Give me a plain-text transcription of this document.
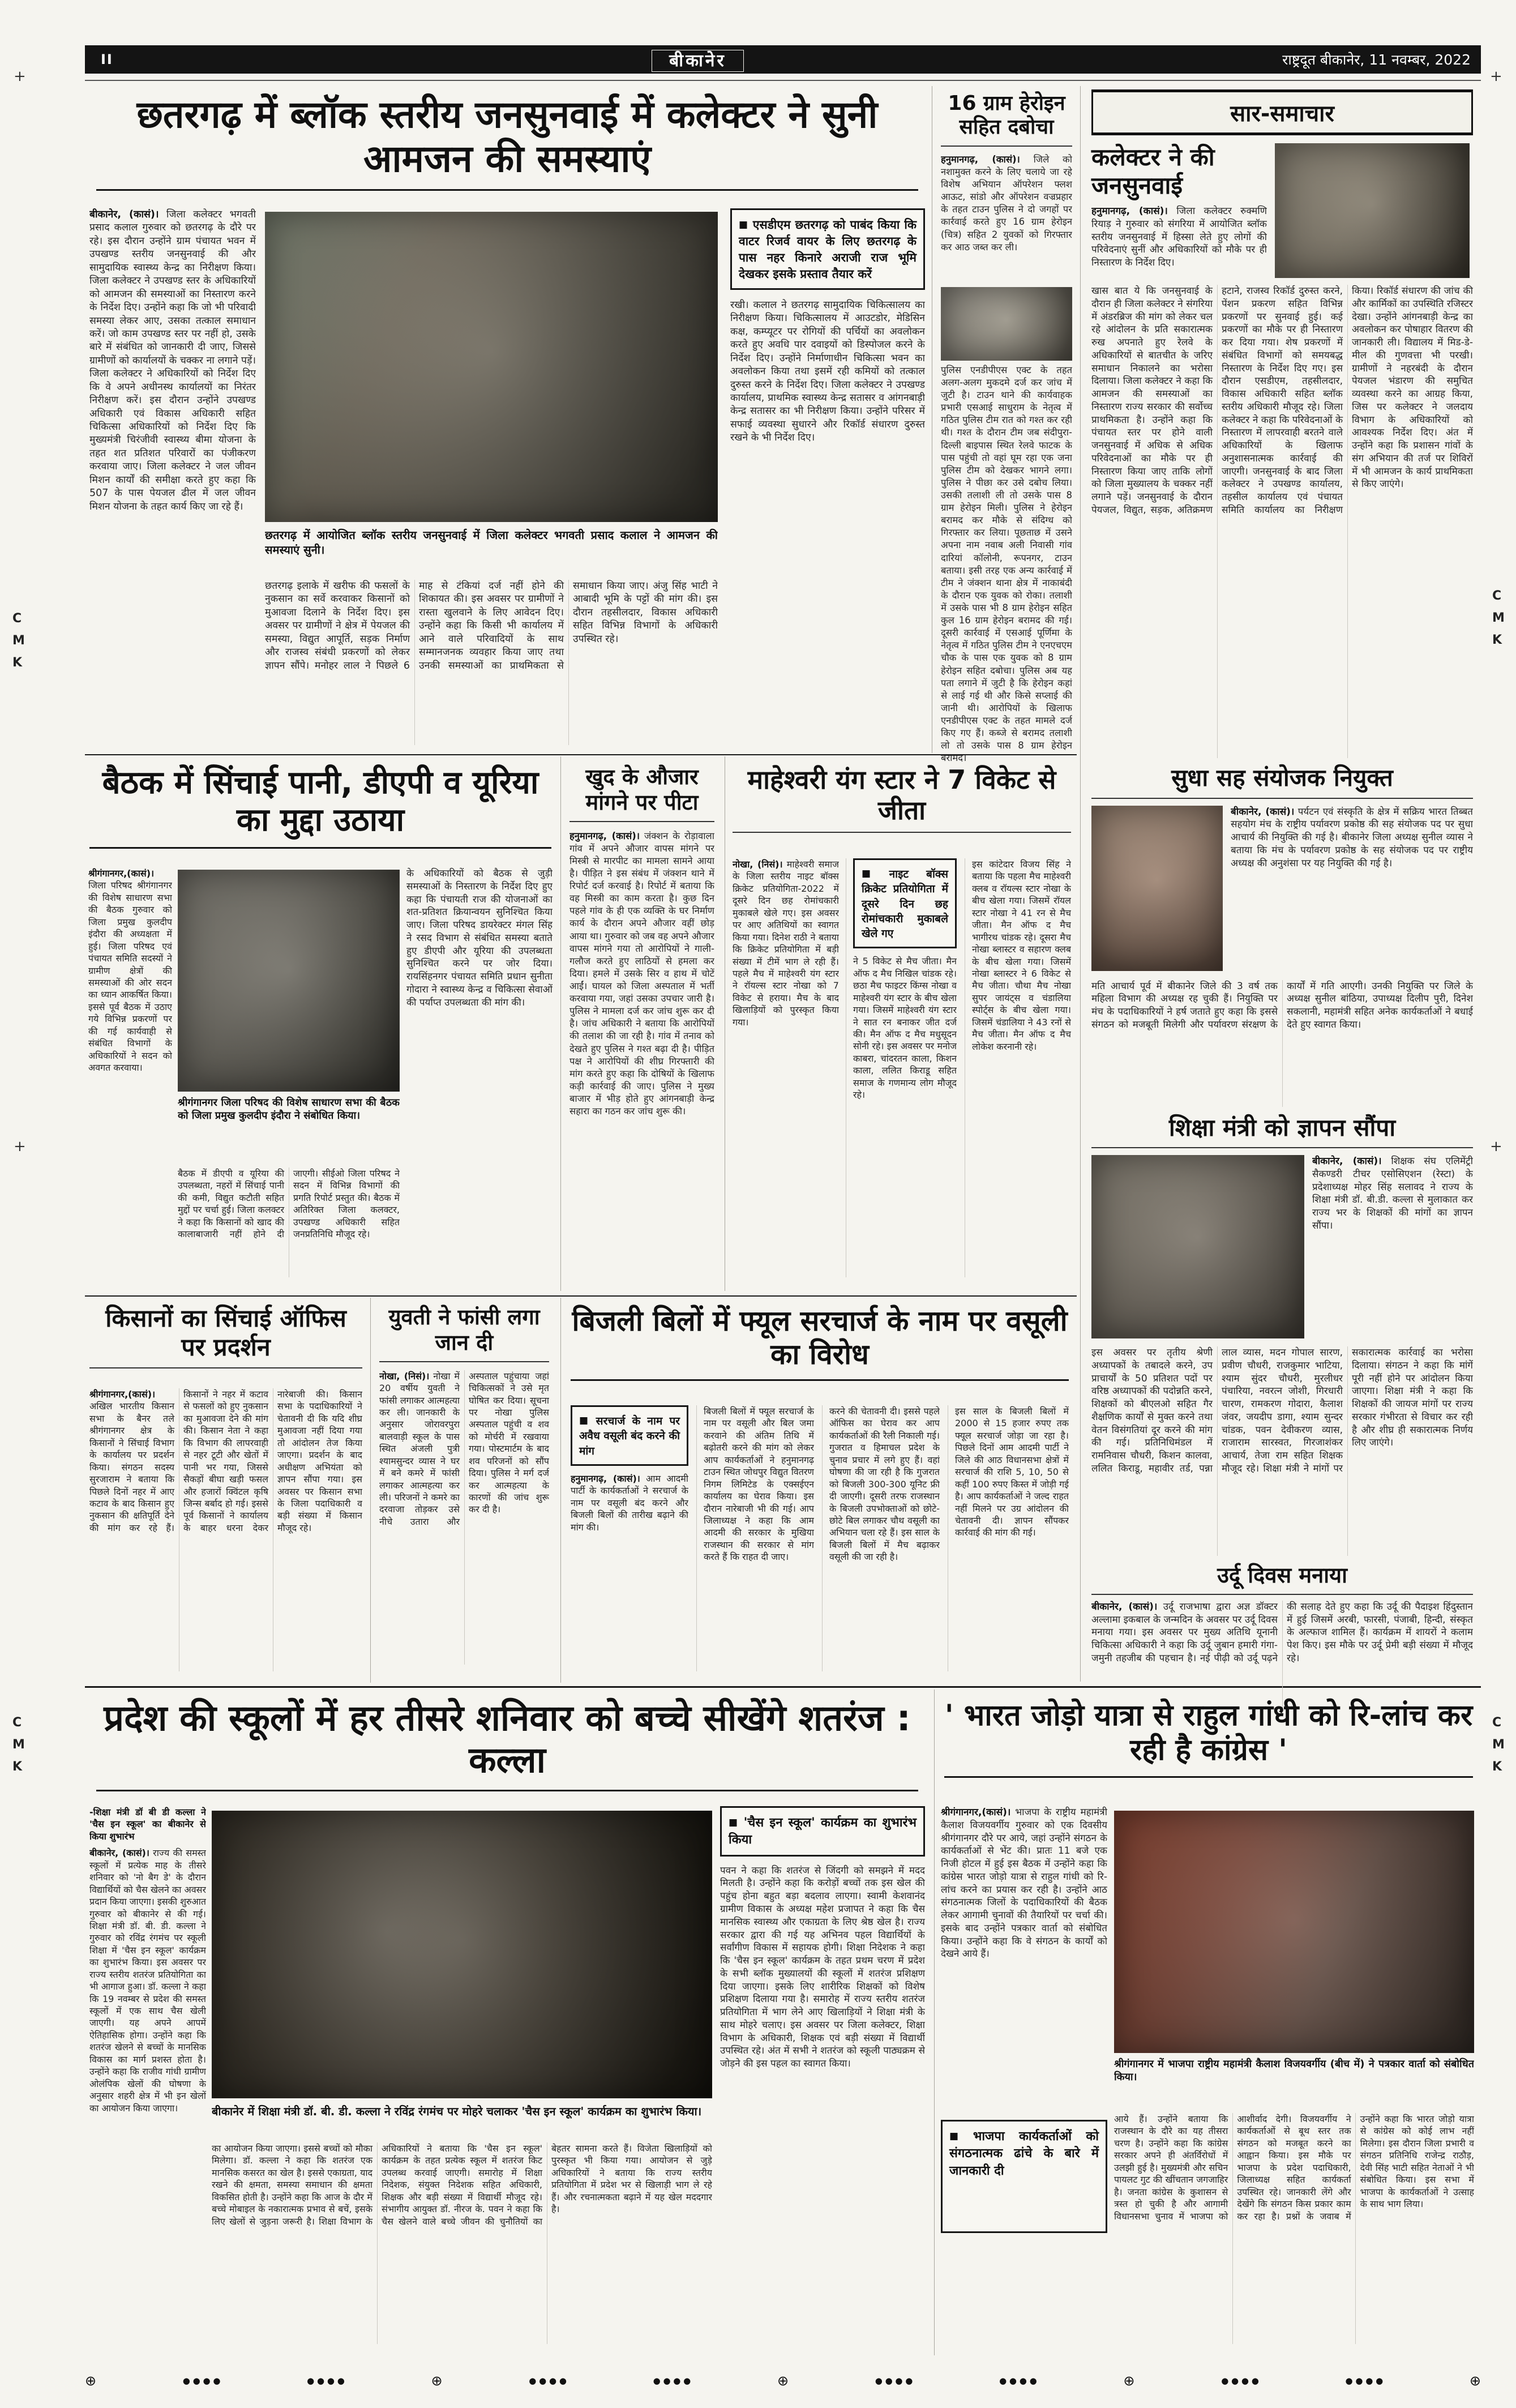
+	+
+	+
C
M
K
C
M
K
C
M
K
C
M
K
II	बीकानेर	राष्ट्रदूत बीकानेर, 11 नवम्बर, 2022
छतरगढ़ में ब्लॉक स्तरीय जनसुनवाई में कलेक्टर ने सुनी आमजन की समस्याएं
बीकानेर, (कासं)। जिला कलेक्टर भगवती प्रसाद कलाल गुरुवार को छतरगढ़ के दौरे पर रहे। इस दौरान उन्होंने ग्राम पंचायत भवन में उपखण्ड स्तरीय जनसुनवाई की और सामुदायिक स्वास्थ्य केन्द्र का निरीक्षण किया। जिला कलेक्टर ने उपखण्ड स्तर के अधिकारियों को आमजन की समस्याओं का निस्तारण करने के निर्देश दिए। उन्होंने कहा कि जो भी परिवादी समस्या लेकर आए, उसका तत्काल समाधान करें। जो काम उपखण्ड स्तर पर नहीं हो, उसके बारे में संबंधित को जानकारी दी जाए, जिससे ग्रामीणों को कार्यालयों के चक्कर ना लगाने पड़ें। जिला कलेक्टर ने अधिकारियों को निर्देश दिए कि वे अपने अधीनस्थ कार्यालयों का निरंतर निरीक्षण करें। इस दौरान उन्होंने उपखण्ड अधिकारी एवं विकास अधिकारी सहित चिकित्सा अधिकारियों को निर्देश दिए कि मुख्यमंत्री चिरंजीवी स्वास्थ्य बीमा योजना के तहत शत प्रतिशत परिवारों का पंजीकरण करवाया जाए। जिला कलेक्टर ने जल जीवन मिशन कार्यों की समीक्षा करते हुए कहा कि 507 के पास पेयजल ढील में जल जीवन मिशन योजना के तहत कार्य किए जा रहे हैं।
छतरगढ़ में आयोजित ब्लॉक स्तरीय जनसुनवाई में जिला कलेक्टर भगवती प्रसाद कलाल ने आमजन की समस्याएं सुनी।
छतरगढ़ इलाके में खरीफ की फसलों के नुकसान का सर्वे करवाकर किसानों को मुआवजा दिलाने के निर्देश दिए। इस अवसर पर ग्रामीणों ने क्षेत्र में पेयजल की समस्या, विद्युत आपूर्ति, सड़क निर्माण और राजस्व संबंधी प्रकरणों को लेकर ज्ञापन सौंपे। मनोहर लाल ने पिछले 6 माह से टंकियां दर्ज नहीं होने की शिकायत की। इस अवसर पर ग्रामीणों ने रास्ता खुलवाने के लिए आवेदन दिए। उन्होंने कहा कि किसी भी कार्यालय में आने वाले परिवादियों के साथ सम्मानजनक व्यवहार किया जाए तथा उनकी समस्याओं का प्राथमिकता से समाधान किया जाए। अंजु सिंह भाटी ने आबादी भूमि के पट्टों की मांग की। इस दौरान तहसीलदार, विकास अधिकारी सहित विभिन्न विभागों के अधिकारी उपस्थित रहे।
■ एसडीएम छतरगढ़ को पाबंद किया कि वाटर रिजर्व वायर के लिए छतरगढ़ के पास नहर किनारे अराजी राज भूमि देखकर इसके प्रस्ताव तैयार करें
रखी। कलाल ने छतरगढ़ सामुदायिक चिकित्सालय का निरीक्षण किया। चिकित्सालय में आउटडोर, मेडिसिन कक्ष, कम्प्यूटर पर रोगियों की पर्चियों का अवलोकन करते हुए अवधि पार दवाइयों को डिस्पोजल करने के निर्देश दिए। उन्होंने निर्माणाधीन चिकित्सा भवन का अवलोकन किया तथा इसमें रही कमियों को तत्काल दुरुस्त करने के निर्देश दिए। जिला कलेक्टर ने उपखण्ड कार्यालय, प्राथमिक स्वास्थ्य केन्द्र सतासर व आंगनबाड़ी केन्द्र सतासर का भी निरीक्षण किया। उन्होंने परिसर में सफाई व्यवस्था सुधारने और रिकॉर्ड संधारण दुरुस्त रखने के भी निर्देश दिए।
16 ग्राम हेरोइन सहित दबोचा
हनुमानगढ़, (कासं)। जिले को नशामुक्त करने के लिए चलाये जा रहे विशेष अभियान ऑपरेशन फ्लश आऊट, सांडो और ऑपरेशन वज्रप्रहार के तहत टाउन पुलिस ने दो जगहों पर कार्रवाई करते हुए 16 ग्राम हेरोइन (चित्र) सहित 2 युवकों को गिरफ्तार कर आठ जब्त कर ली।
पुलिस एनडीपीएस एक्ट के तहत अलग-अलग मुकदमे दर्ज कर जांच में जुटी है। टाउन थाने की कार्यवाहक प्रभारी एसआई साधुराम के नेतृत्व में गठित पुलिस टीम रात को गश्त कर रही थी। गश्त के दौरान टीम जब संदीपुरा-दिल्ली बाइपास स्थित रेलवे फाटक के पास पहुंची तो वहां घूम रहा एक जना पुलिस टीम को देखकर भागने लगा। पुलिस ने पीछा कर उसे दबोच लिया। उसकी तलाशी ली तो उसके पास 8 ग्राम हेरोइन मिली। पुलिस ने हेरोइन बरामद कर मौके से संदिग्ध को गिरफ्तार कर लिया। पूछताछ में उसने अपना नाम नवाब अली निवासी गांव दारियां कॉलोनी, रूपनगर, टाउन बताया। इसी तरह एक अन्य कार्रवाई में टीम ने जंक्शन थाना क्षेत्र में नाकाबंदी के दौरान एक युवक को रोका। तलाशी में उसके पास भी 8 ग्राम हेरोइन सहित कुल 16 ग्राम हेरोइन बरामद की गई। दूसरी कार्रवाई में एसआई पूर्णिमा के नेतृत्व में गठित पुलिस टीम ने एनएचएम चौक के पास एक युवक को 8 ग्राम हेरोइन सहित दबोचा। पुलिस अब यह पता लगाने में जुटी है कि हेरोइन कहां से लाई गई थी और किसे सप्लाई की जानी थी। आरोपियों के खिलाफ एनडीपीएस एक्ट के तहत मामले दर्ज किए गए हैं। कब्जे से बरामद तलाशी लो तो उसके पास 8 ग्राम हेरोइन बरामद।
सार-समाचार
कलेक्टर ने की जनसुनवाई
हनुमानगढ़, (कासं)। जिला कलेक्टर रुक्मणि रियाड़ ने गुरुवार को संगरिया में आयोजित ब्लॉक स्तरीय जनसुनवाई में हिस्सा लेते हुए लोगों की परिवेदनाएं सुनीं और अधिकारियों को मौके पर ही निस्तारण के निर्देश दिए।
खास बात ये कि जनसुनवाई के दौरान ही जिला कलेक्टर ने संगरिया में अंडरब्रिज की मांग को लेकर चल रहे आंदोलन के प्रति सकारात्मक रुख अपनाते हुए रेलवे के अधिकारियों से बातचीत के जरिए समाधान निकालने का भरोसा दिलाया। जिला कलेक्टर ने कहा कि आमजन की समस्याओं का निस्तारण राज्य सरकार की सर्वोच्च प्राथमिकता है। उन्होंने कहा कि पंचायत स्तर पर होने वाली जनसुनवाई में अधिक से अधिक परिवेदनाओं का मौके पर ही निस्तारण किया जाए ताकि लोगों को जिला मुख्यालय के चक्कर नहीं लगाने पड़ें। जनसुनवाई के दौरान पेयजल, विद्युत, सड़क, अतिक्रमण हटाने, राजस्व रिकॉर्ड दुरुस्त करने, पेंशन प्रकरण सहित विभिन्न प्रकरणों पर सुनवाई हुई। कई प्रकरणों का मौके पर ही निस्तारण कर दिया गया। शेष प्रकरणों में संबंधित विभागों को समयबद्ध निस्तारण के निर्देश दिए गए। इस दौरान एसडीएम, तहसीलदार, विकास अधिकारी सहित ब्लॉक स्तरीय अधिकारी मौजूद रहे। जिला कलेक्टर ने कहा कि परिवेदनाओं के निस्तारण में लापरवाही बरतने वाले अधिकारियों के खिलाफ अनुशासनात्मक कार्रवाई की जाएगी। जनसुनवाई के बाद जिला कलेक्टर ने उपखण्ड कार्यालय, तहसील कार्यालय एवं पंचायत समिति कार्यालय का निरीक्षण किया। रिकॉर्ड संधारण की जांच की और कार्मिकों का उपस्थिति रजिस्टर देखा। उन्होंने आंगनबाड़ी केन्द्र का अवलोकन कर पोषाहार वितरण की जानकारी ली। विद्यालय में मिड-डे-मील की गुणवत्ता भी परखी। ग्रामीणों ने नहरबंदी के दौरान पेयजल भंडारण की समुचित व्यवस्था करने का आग्रह किया, जिस पर कलेक्टर ने जलदाय विभाग के अधिकारियों को आवश्यक निर्देश दिए। अंत में उन्होंने कहा कि प्रशासन गांवों के संग अभियान की तर्ज पर शिविरों में भी आमजन के कार्य प्राथमिकता से किए जाएंगे।
सुधा सह संयोजक नियुक्त
बीकानेर, (कासं)। पर्यटन एवं संस्कृति के क्षेत्र में सक्रिय भारत तिब्बत सहयोग मंच के राष्ट्रीय पर्यावरण प्रकोष्ठ की सह संयोजक पद पर सुधा आचार्य की नियुक्ति की गई है। बीकानेर जिला अध्यक्ष सुनील व्यास ने बताया कि मंच के पर्यावरण प्रकोष्ठ के सह संयोजक पद पर राष्ट्रीय अध्यक्ष की अनुशंसा पर यह नियुक्ति की गई है।
मति आचार्य पूर्व में बीकानेर जिले की 3 वर्ष तक महिला विभाग की अध्यक्ष रह चुकी हैं। नियुक्ति पर मंच के पदाधिकारियों ने हर्ष जताते हुए कहा कि इससे संगठन को मजबूती मिलेगी और पर्यावरण संरक्षण के कार्यों में गति आएगी। उनकी नियुक्ति पर जिले के अध्यक्ष सुनील बांठिया, उपाध्यक्ष दिलीप पुरी, दिनेश सकलानी, महामंत्री सहित अनेक कार्यकर्ताओं ने बधाई देते हुए स्वागत किया।
शिक्षा मंत्री को ज्ञापन सौंपा
बीकानेर, (कासं)। शिक्षक संघ एलिमेंट्री सैकण्डरी टीचर एसोसिएशन (रेस्टा) के प्रदेशाध्यक्ष मोहर सिंह सलावद ने राज्य के शिक्षा मंत्री डॉ. बी.डी. कल्ला से मुलाकात कर राज्य भर के शिक्षकों की मांगों का ज्ञापन सौंपा।
इस अवसर पर तृतीय श्रेणी अध्यापकों के तबादले करने, उप प्राचार्यों के 50 प्रतिशत पदों पर वरिष्ठ अध्यापकों की पदोन्नति करने, शिक्षकों को बीएलओ सहित गैर शैक्षणिक कार्यों से मुक्त करने तथा वेतन विसंगतियां दूर करने की मांग की गई। प्रतिनिधिमंडल में रामनिवास चौधरी, किशन कालवा, ललित किराडू, महावीर तर्ड, पन्ना लाल व्यास, मदन गोपाल सारण, प्रवीण चौधरी, राजकुमार भाटिया, श्याम सुंदर चौधरी, मुरलीधर पंचारिया, नवरत्न जोशी, गिरधारी चारण, रामकरण गोदारा, कैलाश जंवर, जयदीप डागा, श्याम सुन्दर चांडक, पवन देवीकरण व्यास, राजाराम सारस्वत, गिरजाशंकर आचार्य, तेजा राम सहित शिक्षक मौजूद रहे। शिक्षा मंत्री ने मांगों पर सकारात्मक कार्रवाई का भरोसा दिलाया। संगठन ने कहा कि मांगें पूरी नहीं होने पर आंदोलन किया जाएगा। शिक्षा मंत्री ने कहा कि शिक्षकों की जायज मांगों पर राज्य सरकार गंभीरता से विचार कर रही है और शीघ्र ही सकारात्मक निर्णय लिए जाएंगे।
उर्दू दिवस मनाया
बीकानेर, (कासं)। उर्दू राजभाषा द्वारा अज्ञ डॉक्टर अल्लामा इकबाल के जन्मदिन के अवसर पर उर्दू दिवस मनाया गया। इस अवसर पर मुख्य अतिथि यूनानी चिकित्सा अधिकारी ने कहा कि उर्दू जुबान हमारी गंगा-जमुनी तहजीब की पहचान है। नई पीढ़ी को उर्दू पढ़ने की सलाह देते हुए कहा कि उर्दू की पैदाइश हिंदुस्तान में हुई जिसमें अरबी, फारसी, पंजाबी, हिन्दी, संस्कृत के अल्फाज शामिल हैं। कार्यक्रम में शायरों ने कलाम पेश किए। इस मौके पर उर्दू प्रेमी बड़ी संख्या में मौजूद रहे।
बैठक में सिंचाई पानी, डीएपी व यूरिया का मुद्दा उठाया
श्रीगंगानगर,(कासं)। जिला परिषद श्रीगंगानगर की विशेष साधारण सभा की बैठक गुरुवार को जिला प्रमुख कुलदीप इंदौरा की अध्यक्षता में हुई। जिला परिषद एवं पंचायत समिति सदस्यों ने ग्रामीण क्षेत्रों की समस्याओं की ओर सदन का ध्यान आकर्षित किया। इससे पूर्व बैठक में उठाए गये विभिन्न प्रकरणों पर की गई कार्यवाही से संबंधित विभागों के अधिकारियों ने सदन को अवगत करवाया।
श्रीगंगानगर जिला परिषद की विशेष साधारण सभा की बैठक को जिला प्रमुख कुलदीप इंदौरा ने संबोधित किया।
बैठक में डीएपी व यूरिया की उपलब्धता, नहरों में सिंचाई पानी की कमी, विद्युत कटौती सहित मुद्दों पर चर्चा हुई। जिला कलक्टर ने कहा कि किसानों को खाद की कालाबाजारी नहीं होने दी जाएगी। सीईओ जिला परिषद ने सदन में विभिन्न विभागों की प्रगति रिपोर्ट प्रस्तुत की। बैठक में अतिरिक्त जिला कलक्टर, उपखण्ड अधिकारी सहित जनप्रतिनिधि मौजूद रहे।
के अधिकारियों को बैठक से जुड़ी समस्याओं के निस्तारण के निर्देश दिए हुए कहा कि पंचायती राज की योजनाओं का शत-प्रतिशत क्रियान्वयन सुनिश्चित किया जाए। जिला परिषद डायरेक्टर मंगल सिंह ने रसद विभाग से संबंधित समस्या बताते हुए डीएपी और यूरिया की उपलब्धता सुनिश्चित करने पर जोर दिया। रायसिंहनगर पंचायत समिति प्रधान सुनीता गोदारा ने स्वास्थ्य केन्द्र व चिकित्सा सेवाओं की पर्याप्त उपलब्धता की मांग की।
खुद के औजार मांगने पर पीटा
हनुमानगढ़, (कासं)। जंक्शन के रोड़ावाला गांव में अपने औजार वापस मांगने पर मिस्त्री से मारपीट का मामला सामने आया है। पीड़ित ने इस संबंध में जंक्शन थाने में रिपोर्ट दर्ज करवाई है। रिपोर्ट में बताया कि वह मिस्त्री का काम करता है। कुछ दिन पहले गांव के ही एक व्यक्ति के घर निर्माण कार्य के दौरान अपने औजार वहीं छोड़ आया था। गुरुवार को जब वह अपने औजार वापस मांगने गया तो आरोपियों ने गाली-गलौज करते हुए लाठियों से हमला कर दिया। हमले में उसके सिर व हाथ में चोटें आईं। घायल को जिला अस्पताल में भर्ती करवाया गया, जहां उसका उपचार जारी है। पुलिस ने मामला दर्ज कर जांच शुरू कर दी है। जांच अधिकारी ने बताया कि आरोपियों की तलाश की जा रही है। गांव में तनाव को देखते हुए पुलिस ने गश्त बढ़ा दी है। पीड़ित पक्ष ने आरोपियों की शीघ्र गिरफ्तारी की मांग करते हुए कहा कि दोषियों के खिलाफ कड़ी कार्रवाई की जाए। पुलिस ने मुख्य बाजार में भीड़ होते हुए आंगनबाड़ी केन्द्र सहारा का गठन कर जांच शुरू की।
माहेश्वरी यंग स्टार ने 7 विकेट से जीता
नोखा, (निसं)। माहेश्वरी समाज के जिला स्तरीय नाइट बॉक्स क्रिकेट प्रतियोगिता-2022 में दूसरे दिन छह रोमांचकारी मुकाबले खेले गए। इस अवसर पर आए अतिथियों का स्वागत किया गया। दिनेश राठी ने बताया कि क्रिकेट प्रतियोगिता में बड़ी संख्या में टीमें भाग ले रही हैं। पहले मैच में माहेश्वरी यंग स्टार ने रॉयल्स स्टार नोखा को 7 विकेट से हराया। मैच के बाद खिलाड़ियों को पुरस्कृत किया गया।
■ नाइट बॉक्स क्रिकेट प्रतियोगिता में दूसरे दिन छह रोमांचकारी मुकाबले खेले गए
ने 5 विकेट से मैच जीता। मैन ऑफ द मैच निखिल चांडक रहे। छठा मैच फाइटर किंग्स नोखा व माहेश्वरी यंग स्टार के बीच खेला गया। जिसमें माहेश्वरी यंग स्टार ने सात रन बनाकर जीत दर्ज की। मैन ऑफ द मैच मधुसूदन सोनी रहे। इस अवसर पर मनोज काबरा, चांदरतन काला, किशन काला, ललित किराडू सहित समाज के गणमान्य लोग मौजूद रहे।
इस कांटेदार विजय सिंह ने बताया कि पहला मैच माहेश्वरी क्लब व रॉयल्स स्टार नोखा के बीच खेला गया। जिसमें रॉयल स्टार नोखा ने 41 रन से मैच जीता। मैन ऑफ द मैच भागीरथ चांडक रहे। दूसरा मैच नोखा ब्लास्टर व सहारण क्लब के बीच खेला गया। जिसमें नोखा ब्लास्टर ने 6 विकेट से मैच जीता। चौथा मैच नोखा सुपर जायंट्स व चंडालिया स्पोर्ट्स के बीच खेला गया। जिसमें चंडालिया ने 43 रनों से मैच जीता। मैन ऑफ द मैच लोकेश करनानी रहे।
किसानों का सिंचाई ऑफिस पर प्रदर्शन
श्रीगंगानगर,(कासं)। अखिल भारतीय किसान सभा के बैनर तले श्रीगंगानगर क्षेत्र के किसानों ने सिंचाई विभाग के कार्यालय पर प्रदर्शन किया। संगठन सदस्य सुरजाराम ने बताया कि पिछले दिनों नहर में आए कटाव के बाद किसान हुए नुकसान की क्षतिपूर्ति देने की मांग कर रहे हैं। किसानों ने नहर में कटाव से फसलों को हुए नुकसान का मुआवजा देने की मांग की। किसान नेता ने कहा कि विभाग की लापरवाही से नहर टूटी और खेतों में पानी भर गया, जिससे सैकड़ों बीघा खड़ी फसल और हजारों क्विंटल कृषि जिन्स बर्बाद हो गई। इससे पूर्व किसानों ने कार्यालय के बाहर धरना देकर नारेबाजी की। किसान सभा के पदाधिकारियों ने चेतावनी दी कि यदि शीघ्र मुआवजा नहीं दिया गया तो आंदोलन तेज किया जाएगा। प्रदर्शन के बाद अधीक्षण अभियंता को ज्ञापन सौंपा गया। इस अवसर पर किसान सभा के जिला पदाधिकारी व बड़ी संख्या में किसान मौजूद रहे।
युवती ने फांसी लगा जान दी
नोखा, (निसं)। नोखा में 20 वर्षीय युवती ने फांसी लगाकर आत्महत्या कर ली। जानकारी के अनुसार जोरावरपुरा बालवाड़ी स्कूल के पास स्थित अंजली पुत्री श्यामसुन्दर व्यास ने घर में बने कमरे में फांसी लगाकर आत्महत्या कर ली। परिजनों ने कमरे का दरवाजा तोड़कर उसे नीचे उतारा और अस्पताल पहुंचाया जहां चिकित्सकों ने उसे मृत घोषित कर दिया। सूचना पर नोखा पुलिस अस्पताल पहुंची व शव को मोर्चरी में रखवाया गया। पोस्टमार्टम के बाद शव परिजनों को सौंप दिया। पुलिस ने मर्ग दर्ज कर आत्महत्या के कारणों की जांच शुरू कर दी है।
बिजली बिलों में फ्यूल सरचार्ज के नाम पर वसूली का विरोध
■ सरचार्ज के नाम पर अवैध वसूली बंद करने की मांग
हनुमानगढ़, (कासं)। आम आदमी पार्टी के कार्यकर्ताओं ने सरचार्ज के नाम पर वसूली बंद करने और बिजली बिलों की तारीख बढ़ाने की मांग की।
बिजली बिलों में फ्यूल सरचार्ज के नाम पर वसूली और बिल जमा करवाने की अंतिम तिथि में बढ़ोतरी करने की मांग को लेकर आप कार्यकर्ताओं ने हनुमानगढ़ टाउन स्थित जोधपुर विद्युत वितरण निगम लिमिटेड के एक्सईएन कार्यालय का घेराव किया। इस दौरान नारेबाजी भी की गई। आप जिलाध्यक्ष ने कहा कि आम आदमी की सरकार के मुखिया राजस्थान की सरकार से मांग करते हैं कि राहत दी जाए।
करने की चेतावनी दी। इससे पहले ऑफिस का घेराव कर आप कार्यकर्ताओं की रैली निकाली गई। गुजरात व हिमाचल प्रदेश के चुनाव प्रचार में लगे हुए हैं। वहां घोषणा की जा रही है कि गुजरात को बिजली 300-300 यूनिट फ्री दी जाएगी। दूसरी तरफ राजस्थान के बिजली उपभोक्ताओं को छोटे-छोटे बिल लगाकर चौथ वसूली का अभियान चला रहे हैं। इस साल के बिजली बिलों में मैच बढ़ाकर वसूली की जा रही है।
इस साल के बिजली बिलों में 2000 से 15 हजार रुपए तक फ्यूल सरचार्ज जोड़ा जा रहा है। पिछले दिनों आम आदमी पार्टी ने जिले की आठ विधानसभा क्षेत्रों में सरचार्ज की राशि 5, 10, 50 से कहीं 100 रुपए किस्त में जोड़ी गई है। आप कार्यकर्ताओं ने जल्द राहत नहीं मिलने पर उग्र आंदोलन की चेतावनी दी। ज्ञापन सौंपकर कार्रवाई की मांग की गई।
प्रदेश की स्कूलों में हर तीसरे शनिवार को बच्चे सीखेंगे शतरंज : कल्ला
-शिक्षा मंत्री डॉ बी डी कल्ला ने 'चैस इन स्कूल' का बीकानेर से किया शुभारंभ
बीकानेर, (कासं)। राज्य की समस्त स्कूलों में प्रत्येक माह के तीसरे शनिवार को 'नो बैग डे' के दौरान विद्यार्थियों को चैस खेलने का अवसर प्रदान किया जाएगा। इसकी शुरुआत गुरुवार को बीकानेर से की गई। शिक्षा मंत्री डॉ. बी. डी. कल्ला ने गुरुवार को रविंद्र रंगमंच पर स्कूली शिक्षा में 'चैस इन स्कूल' कार्यक्रम का शुभारंभ किया। इस अवसर पर राज्य स्तरीय शतरंज प्रतियोगिता का भी आगाज हुआ। डॉ. कल्ला ने कहा कि 19 नवम्बर से प्रदेश की समस्त स्कूलों में एक साथ चैस खेली जाएगी। यह अपने आपमें ऐतिहासिक होगा। उन्होंने कहा कि शतरंज खेलने से बच्चों के मानसिक विकास का मार्ग प्रशस्त होता है। उन्होंने कहा कि राजीव गांधी ग्रामीण ओलंपिक खेलों की घोषणा के अनुसार शहरी क्षेत्र में भी इन खेलों का आयोजन किया जाएगा।	बीकानेर में शिक्षा मंत्री डॉ. बी. डी. कल्ला ने रविंद्र रंगमंच पर मोहरे चलाकर 'चैस इन स्कूल' कार्यक्रम का शुभारंभ किया।
का आयोजन किया जाएगा। इससे बच्चों को मौका मिलेगा। डॉ. कल्ला ने कहा कि शतरंज एक मानसिक कसरत का खेल है। इससे एकाग्रता, याद रखने की क्षमता, समस्या समाधान की क्षमता विकसित होती है। उन्होंने कहा कि आज के दौर में बच्चे मोबाइल के नकारात्मक प्रभाव से बचें, इसके लिए खेलों से जुड़ना जरूरी है। शिक्षा विभाग के अधिकारियों ने बताया कि 'चैस इन स्कूल' कार्यक्रम के तहत प्रत्येक स्कूल में शतरंज किट उपलब्ध करवाई जाएगी। समारोह में शिक्षा निदेशक, संयुक्त निदेशक सहित अधिकारी, शिक्षक और बड़ी संख्या में विद्यार्थी मौजूद रहे। संभागीय आयुक्त डॉ. नीरज के. पवन ने कहा कि चैस खेलने वाले बच्चे जीवन की चुनौतियों का बेहतर सामना करते हैं। विजेता खिलाड़ियों को पुरस्कृत भी किया गया। आयोजन से जुड़े अधिकारियों ने बताया कि राज्य स्तरीय प्रतियोगिता में प्रदेश भर से खिलाड़ी भाग ले रहे हैं। और रचनात्मकता बढ़ाने में यह खेल मददगार है।
■ 'चैस इन स्कूल' कार्यक्रम का शुभारंभ किया
पवन ने कहा कि शतरंज से जिंदगी को समझने में मदद मिलती है। उन्होंने कहा कि करोड़ों बच्चों तक इस खेल की पहुंच होना बहुत बड़ा बदलाव लाएगा। स्वामी केशवानंद ग्रामीण विकास के अध्यक्ष महेश प्रजापत ने कहा कि चैस मानसिक स्वास्थ्य और एकाग्रता के लिए श्रेष्ठ खेल है। राज्य सरकार द्वारा की गई यह अभिनव पहल विद्यार्थियों के सर्वांगीण विकास में सहायक होगी। शिक्षा निदेशक ने कहा कि 'चैस इन स्कूल' कार्यक्रम के तहत प्रथम चरण में प्रदेश के सभी ब्लॉक मुख्यालयों की स्कूलों में शतरंज प्रशिक्षण दिया जाएगा। इसके लिए शारीरिक शिक्षकों को विशेष प्रशिक्षण दिलाया गया है। समारोह में राज्य स्तरीय शतरंज प्रतियोगिता में भाग लेने आए खिलाड़ियों ने शिक्षा मंत्री के साथ मोहरे चलाए। इस अवसर पर जिला कलेक्टर, शिक्षा विभाग के अधिकारी, शिक्षक एवं बड़ी संख्या में विद्यार्थी उपस्थित रहे। अंत में सभी ने शतरंज को स्कूली पाठ्यक्रम से जोड़ने की इस पहल का स्वागत किया।
' भारत जोड़ो यात्रा से राहुल गांधी को रि-लांच कर रही है कांग्रेस '
श्रीगंगानगर,(कासं)। भाजपा के राष्ट्रीय महामंत्री कैलाश विजयवर्गीय गुरुवार को एक दिवसीय श्रीगंगानगर दौरे पर आये, जहां उन्होंने संगठन के कार्यकर्ताओं से भेंट की। प्रातः 11 बजे एक निजी होटल में हुई इस बैठक में उन्होंने कहा कि कांग्रेस भारत जोड़ो यात्रा से राहुल गांधी को रि-लांच करने का प्रयास कर रही है। उन्होंने आठ संगठनात्मक जिलों के पदाधिकारियों की बैठक लेकर आगामी चुनावों की तैयारियों पर चर्चा की। इसके बाद उन्होंने पत्रकार वार्ता को संबोधित किया। उन्होंने कहा कि वे संगठन के कार्यों को देखने आये हैं।
■ भाजपा कार्यकर्ताओं को संगठनात्मक ढांचे के बारे में जानकारी दी
श्रीगंगानगर में भाजपा राष्ट्रीय महामंत्री कैलाश विजयवर्गीय (बीच में) ने पत्रकार वार्ता को संबोधित किया।
आये हैं। उन्होंने बताया कि राजस्थान के दौरे का यह तीसरा चरण है। उन्होंने कहा कि कांग्रेस सरकार अपने ही अंतर्विरोधों में उलझी हुई है। मुख्यमंत्री और सचिन पायलट गुट की खींचतान जगजाहिर है। जनता कांग्रेस के कुशासन से त्रस्त हो चुकी है और आगामी विधानसभा चुनाव में भाजपा को आशीर्वाद देगी। विजयवर्गीय ने कार्यकर्ताओं से बूथ स्तर तक संगठन को मजबूत करने का आह्वान किया। इस मौके पर भाजपा के प्रदेश पदाधिकारी, जिलाध्यक्ष सहित कार्यकर्ता उपस्थित रहे। जानकारी लेंगे और देखेंगे कि संगठन किस प्रकार काम कर रहा है। प्रश्नों के जवाब में उन्होंने कहा कि भारत जोड़ो यात्रा से कांग्रेस को कोई लाभ नहीं मिलेगा। इस दौरान जिला प्रभारी व संगठन प्रतिनिधि राजेन्द्र राठौड़, देवी सिंह भाटी सहित नेताओं ने भी संबोधित किया। इस सभा में भाजपा के कार्यकर्ताओं ने उत्साह के साथ भाग लिया।
⊕	● ● ● ●	● ● ● ●	⊕	● ● ● ●	● ● ● ●	⊕	● ● ● ●	● ● ● ●	⊕	● ● ● ●	● ● ● ●	⊕
